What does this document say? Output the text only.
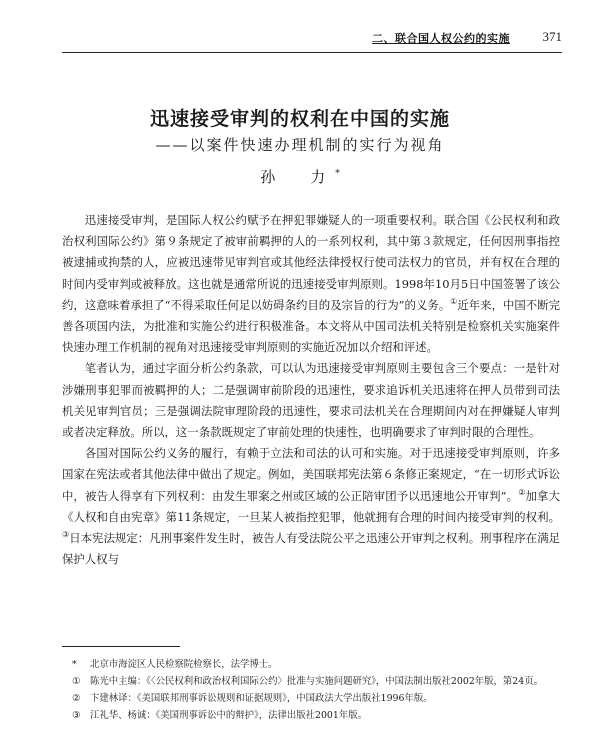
二、联合国人权公约的实施	371
迅速接受审判的权利在中国的实施
——以案件快速办理机制的实行为视角
孙　力*

迅速接受审判，是国际人权公约赋予在押犯罪嫌疑人的一项重要权利。联合国《公民权利和政治权利国际公约》第９条规定了被审前羁押的人的一系列权利，其中第３款规定，任何因刑事指控被逮捕或拘禁的人，应被迅速带见审判官或其他经法律授权行使司法权力的官员，并有权在合理的时间内受审判或被释放。这也就是通常所说的迅速接受审判原则。1998年10月5日中国签署了该公约，这意味着承担了“不得采取任何足以妨碍条约目的及宗旨的行为”的义务。①近年来，中国不断完善各项国内法，为批准和实施公约进行积极准备。本文将从中国司法机关特别是检察机关实施案件快速办理工作机制的视角对迅速接受审判原则的实施近况加以介绍和评述。

笔者认为，通过字面分析公约条款，可以认为迅速接受审判原则主要包含三个要点：一是针对涉嫌刑事犯罪而被羁押的人；二是强调审前阶段的迅速性，要求追诉机关迅速将在押人员带到司法机关见审判官员；三是强调法院审理阶段的迅速性，要求司法机关在合理期间内对在押嫌疑人审判或者决定释放。所以，这一条款既规定了审前处理的快速性，也明确要求了审判时限的合理性。

各国对国际公约义务的履行，有赖于立法和司法的认可和实施。对于迅速接受审判原则，许多国家在宪法或者其他法律中做出了规定。例如，美国联邦宪法第６条修正案规定，“在一切形式诉讼中，被告人得享有下列权利：由发生罪案之州或区域的公正陪审团予以迅速地公开审判”。②加拿大《人权和自由宪章》第11条规定，一旦某人被指控犯罪，他就拥有合理的时间内接受审判的权利。③日本宪法规定：凡刑事案件发生时，被告人有受法院公平之迅速公开审判之权利。刑事程序在满足保护人权与

* 北京市海淀区人民检察院检察长，法学博士。

① 陈光中主编：《〈公民权利和政治权利国际公约〉批准与实施问题研究》，中国法制出版社2002年版，第24页。

② 卞建林译：《美国联邦刑事诉讼规则和证据规则》，中国政法大学出版社1996年版。

③ 江礼华、杨诚：《美国刑事诉讼中的辩护》，法律出版社2001年版。
